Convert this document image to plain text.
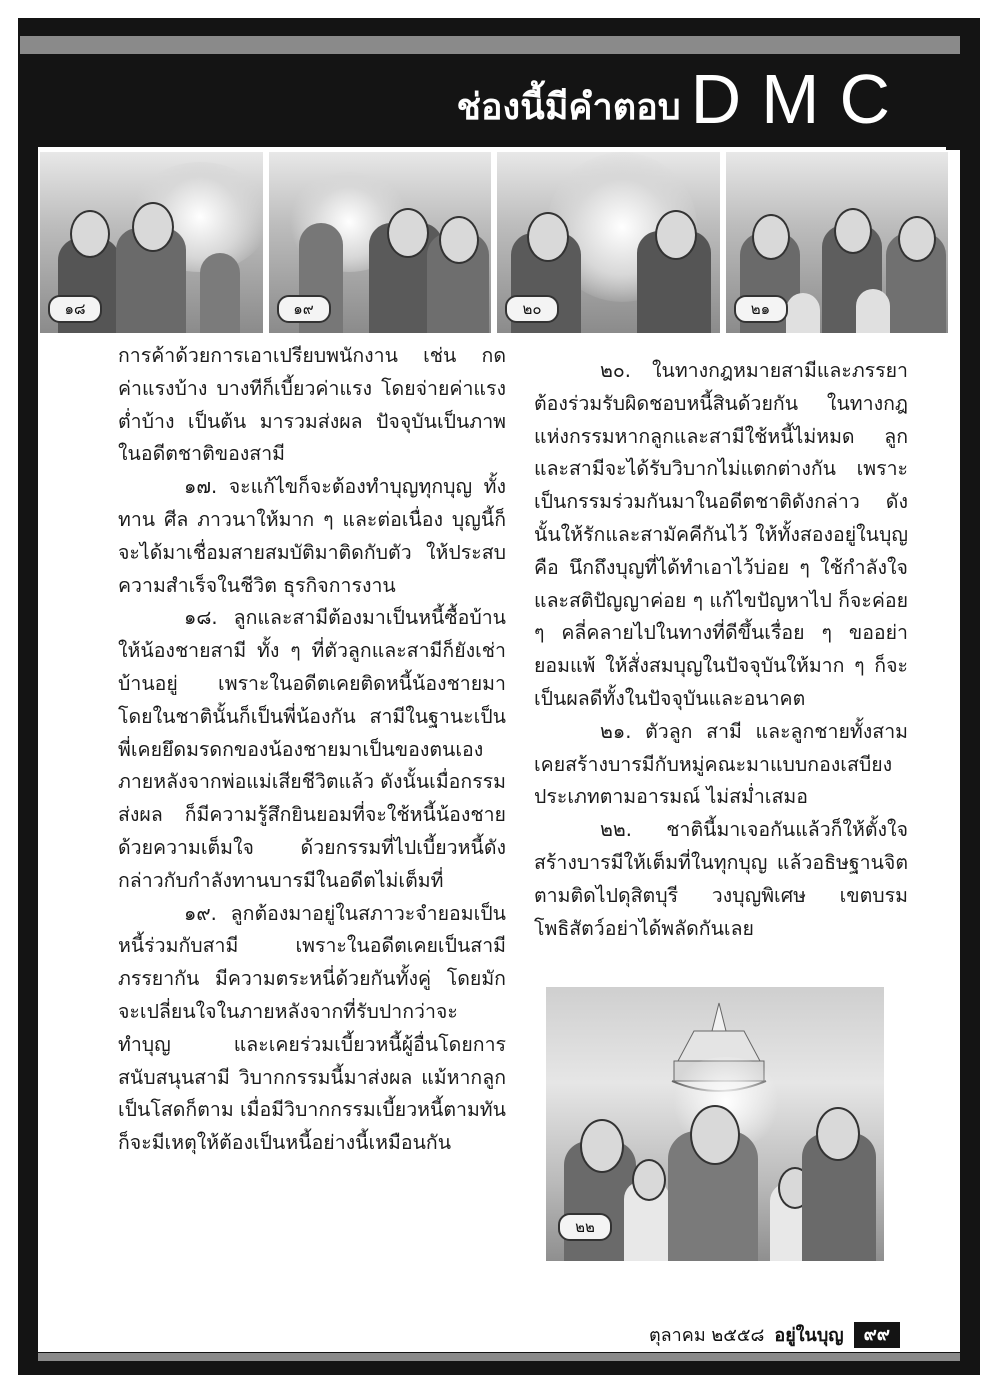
ช่องนี้มีคำตอบ DMC
๑๘	๑๙	๒๐	๒๑

การค้าด้วยการเอาเปรียบพนักงาน เช่น กดค่าแรงบ้าง บางทีก็เบี้ยวค่าแรง โดยจ่ายค่าแรงต่ำบ้าง เป็นต้น มารวมส่งผล ปัจจุบันเป็นภาพในอดีตชาติของสามี

๑๗. จะแก้ไขก็จะต้องทำบุญทุกบุญ ทั้งทาน ศีล ภาวนาให้มาก ๆ และต่อเนื่อง บุญนี้ก็จะได้มาเชื่อมสายสมบัติมาติดกับตัว ให้ประสบความสำเร็จในชีวิต ธุรกิจการงาน

๑๘. ลูกและสามีต้องมาเป็นหนี้ซื้อบ้านให้น้องชายสามี ทั้ง ๆ ที่ตัวลูกและสามีก็ยังเช่าบ้านอยู่ เพราะในอดีตเคยติดหนี้น้องชายมา โดยในชาตินั้นก็เป็นพี่น้องกัน สามีในฐานะเป็นพี่เคยยึดมรดกของน้องชายมาเป็นของตนเอง ภายหลังจากพ่อแม่เสียชีวิตแล้ว ดังนั้นเมื่อกรรมส่งผล ก็มีความรู้สึกยินยอมที่จะใช้หนี้น้องชายด้วยความเต็มใจ ด้วยกรรมที่ไปเบี้ยวหนี้ดังกล่าวกับกำลังทานบารมีในอดีตไม่เต็มที่

๑๙. ลูกต้องมาอยู่ในสภาวะจำยอมเป็นหนี้ร่วมกับสามี เพราะในอดีตเคยเป็นสามีภรรยากัน มีความตระหนี่ด้วยกันทั้งคู่ โดยมักจะเปลี่ยนใจในภายหลังจากที่รับปากว่าจะทำบุญ และเคยร่วมเบี้ยวหนี้ผู้อื่นโดยการสนับสนุนสามี วิบากกรรมนี้มาส่งผล แม้หากลูกเป็นโสดก็ตาม เมื่อมีวิบากกรรมเบี้ยวหนี้ตามทันก็จะมีเหตุให้ต้องเป็นหนี้อย่างนี้เหมือนกัน

๒๐. ในทางกฎหมายสามีและภรรยาต้องร่วมรับผิดชอบหนี้สินด้วยกัน ในทางกฎแห่งกรรมหากลูกและสามีใช้หนี้ไม่หมด ลูกและสามีจะได้รับวิบากไม่แตกต่างกัน เพราะเป็นกรรมร่วมกันมาในอดีตชาติดังกล่าว ดังนั้นให้รักและสามัคคีกันไว้ ให้ทั้งสองอยู่ในบุญ คือ นึกถึงบุญที่ได้ทำเอาไว้บ่อย ๆ ใช้กำลังใจและสติปัญญาค่อย ๆ แก้ไขปัญหาไป ก็จะค่อย ๆ คลี่คลายไปในทางที่ดีขึ้นเรื่อย ๆ ขออย่ายอมแพ้ ให้สั่งสมบุญในปัจจุบันให้มาก ๆ ก็จะเป็นผลดีทั้งในปัจจุบันและอนาคต

๒๑. ตัวลูก สามี และลูกชายทั้งสาม เคยสร้างบารมีกับหมู่คณะมาแบบกองเสบียงประเภทตามอารมณ์ ไม่สม่ำเสมอ

๒๒. ชาตินี้มาเจอกันแล้วก็ให้ตั้งใจสร้างบารมีให้เต็มที่ในทุกบุญ แล้วอธิษฐานจิตตามติดไปดุสิตบุรี วงบุญพิเศษ เขตบรมโพธิสัตว์อย่าได้พลัดกันเลย

๒๒
ตุลาคม ๒๕๕๘ อยู่ในบุญ	๙๙
